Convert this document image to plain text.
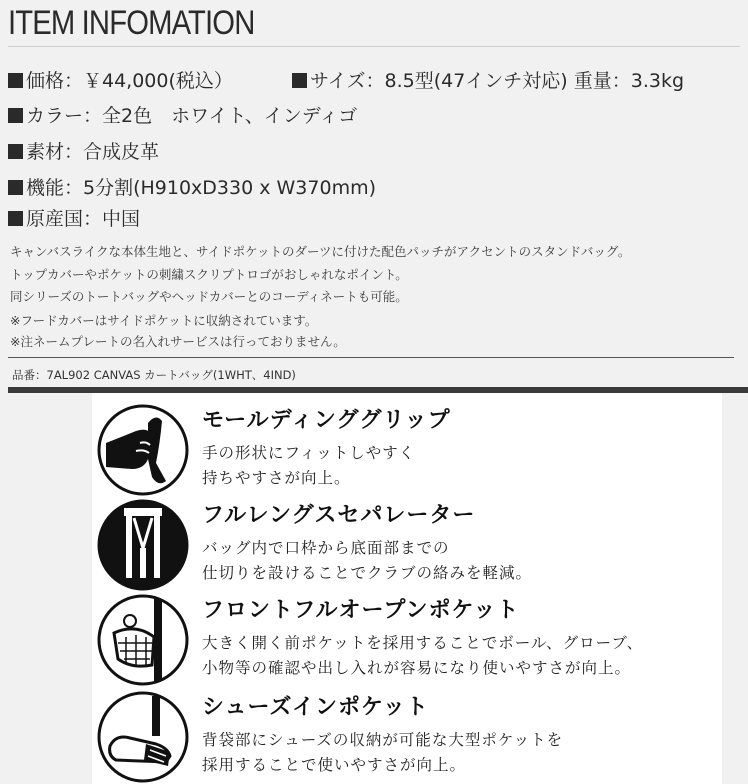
ITEM INFOMATION
価格：￥44,000(税込）	サイズ：8.5型(47インチ対応) 重量：3.3kg
カラー：全2色　ホワイト、インディゴ
素材：合成皮革
機能：5分割(H910xD330 x W370mm)
原産国：中国
キャンバスライクな本体生地と、サイドポケットのダーツに付けた配色パッチがアクセントのスタンドバッグ。
トップカバーやポケットの刺繍スクリプトロゴがおしゃれなポイント。
同シリーズのトートバッグやヘッドカバーとのコーディネートも可能。
※フードカバーはサイドポケットに収納されています。
※注ネームプレートの名入れサービスは行っておりません。
品番：7AL902 CANVAS カートバッグ(1WHT、4IND)
モールディンググリップ

手の形状にフィットしやすく
持ちやすさが向上。

フルレングスセパレーター

バッグ内で口枠から底面部までの
仕切りを設けることでクラブの絡みを軽減。

フロントフルオープンポケット

大きく開く前ポケットを採用することでボール、グローブ、
小物等の確認や出し入れが容易になり使いやすさが向上。

シューズインポケット

背袋部にシューズの収納が可能な大型ポケットを
採用することで使いやすさが向上。
